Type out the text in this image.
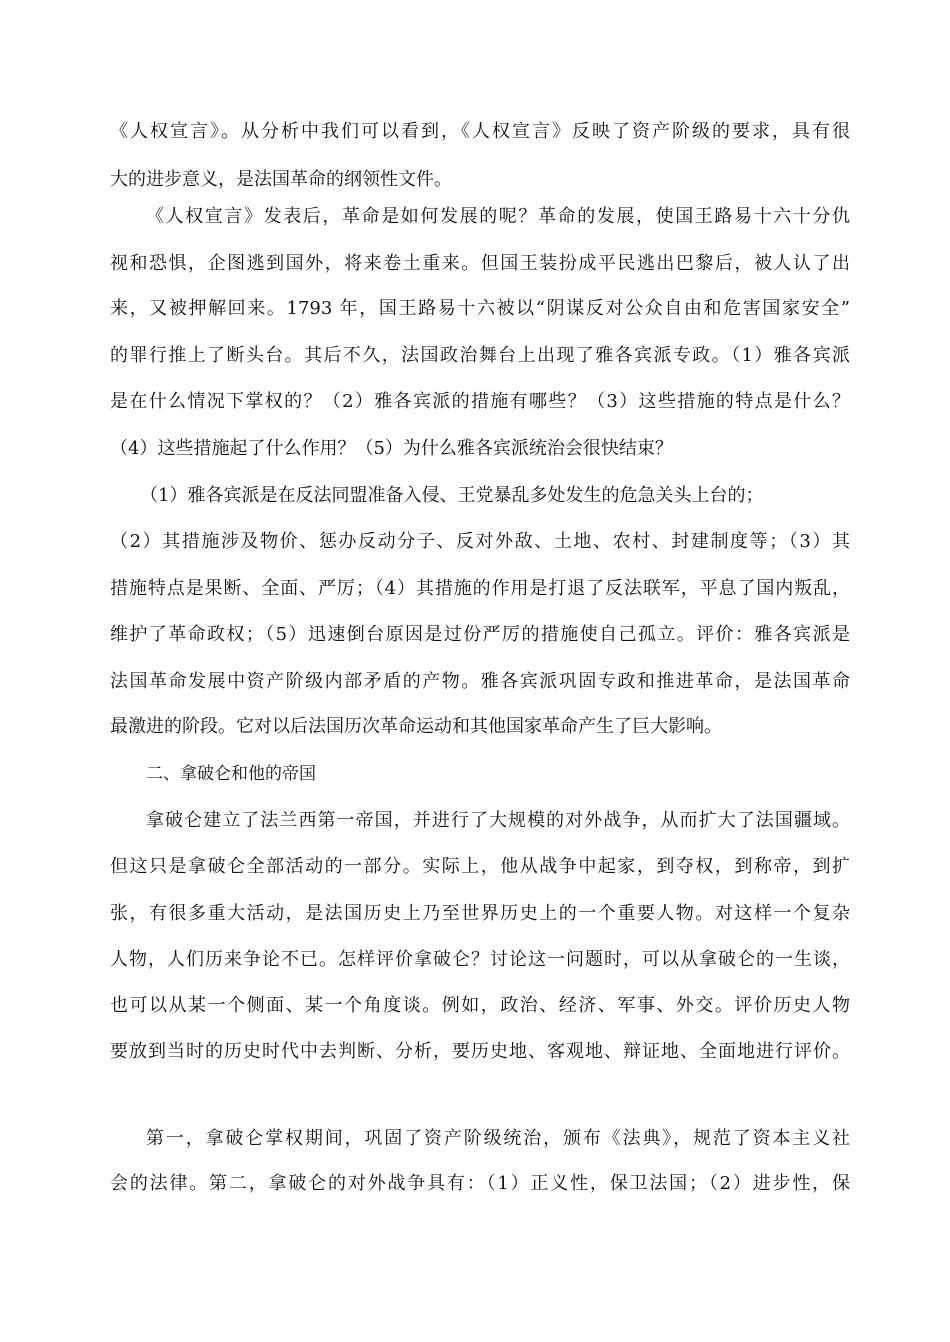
《人权宣言》。从分析中我们可以看到，《人权宣言》反映了资产阶级的要求，具有很
大的进步意义，是法国革命的纲领性文件。
《人权宣言》发表后，革命是如何发展的呢？革命的发展，使国王路易十六十分仇
视和恐惧，企图逃到国外，将来卷土重来。但国王装扮成平民逃出巴黎后，被人认了出
来，又被押解回来。1793 年，国王路易十六被以“阴谋反对公众自由和危害国家安全”
的罪行推上了断头台。其后不久，法国政治舞台上出现了雅各宾派专政。（1）雅各宾派
是在什么情况下掌权的？（2）雅各宾派的措施有哪些？（3）这些措施的特点是什么？
（4）这些措施起了什么作用？（5）为什么雅各宾派统治会很快结束？
（1）雅各宾派是在反法同盟准备入侵、王党暴乱多处发生的危急关头上台的；
（2）其措施涉及物价、惩办反动分子、反对外敌、土地、农村、封建制度等；（3）其
措施特点是果断、全面、严厉；（4）其措施的作用是打退了反法联军，平息了国内叛乱，
维护了革命政权；（5）迅速倒台原因是过份严厉的措施使自己孤立。评价：雅各宾派是
法国革命发展中资产阶级内部矛盾的产物。雅各宾派巩固专政和推进革命，是法国革命
最激进的阶段。它对以后法国历次革命运动和其他国家革命产生了巨大影响。
二、拿破仑和他的帝国
拿破仑建立了法兰西第一帝国，并进行了大规模的对外战争，从而扩大了法国疆域。
但这只是拿破仑全部活动的一部分。实际上，他从战争中起家，到夺权，到称帝，到扩
张，有很多重大活动，是法国历史上乃至世界历史上的一个重要人物。对这样一个复杂
人物，人们历来争论不已。怎样评价拿破仑？讨论这一问题时，可以从拿破仑的一生谈，
也可以从某一个侧面、某一个角度谈。例如，政治、经济、军事、外交。评价历史人物
要放到当时的历史时代中去判断、分析，要历史地、客观地、辩证地、全面地进行评价。
第一，拿破仑掌权期间，巩固了资产阶级统治，颁布《法典》，规范了资本主义社
会的法律。第二，拿破仑的对外战争具有：（1）正义性，保卫法国；（2）进步性，保
